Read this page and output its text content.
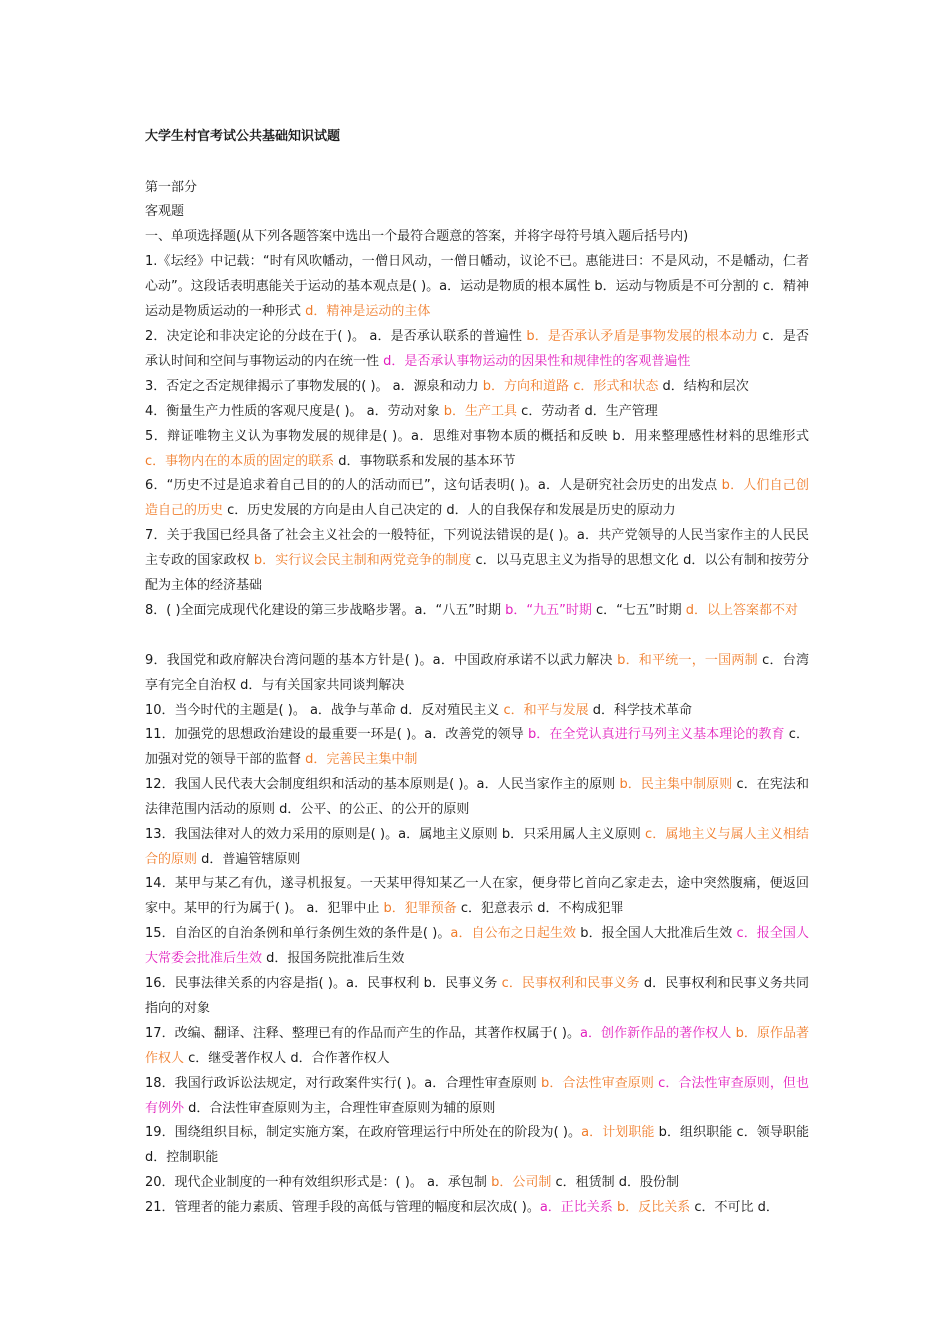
大学生村官考试公共基础知识试题
第一部分
客观题
一、单项选择题(从下列各题答案中选出一个最符合题意的答案，并将字母符号填入题后括号内)
1.《坛经》中记载：“时有风吹幡动，一僧日风动，一僧日幡动，议论不已。惠能进曰：不是风动，不是幡动，仁者心动”。这段话表明惠能关于运动的基本观点是( )。a．运动是物质的根本属性 b．运动与物质是不可分割的 c．精神运动是物质运动的一种形式 d．精神是运动的主体
2．决定论和非决定论的分歧在于( )。 a．是否承认联系的普遍性 b．是否承认矛盾是事物发展的根本动力 c．是否承认时间和空间与事物运动的内在统一性 d．是否承认事物运动的因果性和规律性的客观普遍性
3．否定之否定规律揭示了事物发展的( )。 a．源泉和动力 b．方向和道路 c．形式和状态 d．结构和层次
4．衡量生产力性质的客观尺度是( )。 a．劳动对象 b．生产工具 c．劳动者 d．生产管理
5．辩证唯物主义认为事物发展的规律是( )。a．思维对事物本质的概括和反映 b．用来整理感性材料的思维形式 c．事物内在的本质的固定的联系 d．事物联系和发展的基本环节
6．“历史不过是追求着自己目的的人的活动而已”，这句话表明( )。a．人是研究社会历史的出发点 b．人们自己创造自己的历史 c．历史发展的方向是由人自己决定的 d．人的自我保存和发展是历史的原动力
7．关于我国已经具备了社会主义社会的一般特征，下列说法错误的是( )。a．共产党领导的人民当家作主的人民民主专政的国家政权 b．实行议会民主制和两党竞争的制度 c．以马克思主义为指导的思想文化 d．以公有制和按劳分配为主体的经济基础
8．( )全面完成现代化建设的第三步战略步署。a．“八五”时期 b．“九五”时期 c．“七五”时期 d．以上答案都不对
9．我国党和政府解决台湾问题的基本方针是( )。a．中国政府承诺不以武力解决 b．和平统一，一国两制 c．台湾享有完全自治权 d．与有关国家共同谈判解决
10．当今时代的主题是( )。 a．战争与革命 d．反对殖民主义 c．和平与发展 d．科学技术革命
11．加强党的思想政治建设的最重要一环是( )。a．改善党的领导 b．在全党认真进行马列主义基本理论的教育 c．加强对党的领导干部的监督 d．完善民主集中制
12．我国人民代表大会制度组织和活动的基本原则是( )。a．人民当家作主的原则 b．民主集中制原则 c．在宪法和法律范围内活动的原则 d．公平、的公正、的公开的原则
13．我国法律对人的效力采用的原则是( )。a．属地主义原则 b．只采用属人主义原则 c．属地主义与属人主义相结合的原则 d．普遍管辖原则
14．某甲与某乙有仇，遂寻机报复。一天某甲得知某乙一人在家，便身带匕首向乙家走去，途中突然腹痛，便返回家中。某甲的行为属于( )。 a．犯罪中止 b．犯罪预备 c．犯意表示 d．不构成犯罪
15．自治区的自治条例和单行条例生效的条件是( )。a．自公布之日起生效 b．报全国人大批准后生效 c．报全国人大常委会批准后生效 d．报国务院批准后生效
16．民事法律关系的内容是指( )。a．民事权利 b．民事义务 c．民事权利和民事义务 d．民事权利和民事义务共同指向的对象
17．改编、翻译、注释、整理已有的作品而产生的作品，其著作权属于( )。a．创作新作品的著作权人 b．原作品著作权人 c．继受著作权人 d．合作著作权人
18．我国行政诉讼法规定，对行政案件实行( )。a．合理性审查原则 b．合法性审查原则 c．合法性审查原则，但也有例外 d．合法性审查原则为主，合理性审查原则为辅的原则
19．围绕组织目标，制定实施方案，在政府管理运行中所处在的阶段为( )。a．计划职能 b．组织职能 c．领导职能 d．控制职能
20．现代企业制度的一种有效组织形式是：( )。 a．承包制 b．公司制 c．租赁制 d．股份制
21．管理者的能力素质、管理手段的高低与管理的幅度和层次成( )。a．正比关系 b．反比关系 c．不可比 d．
